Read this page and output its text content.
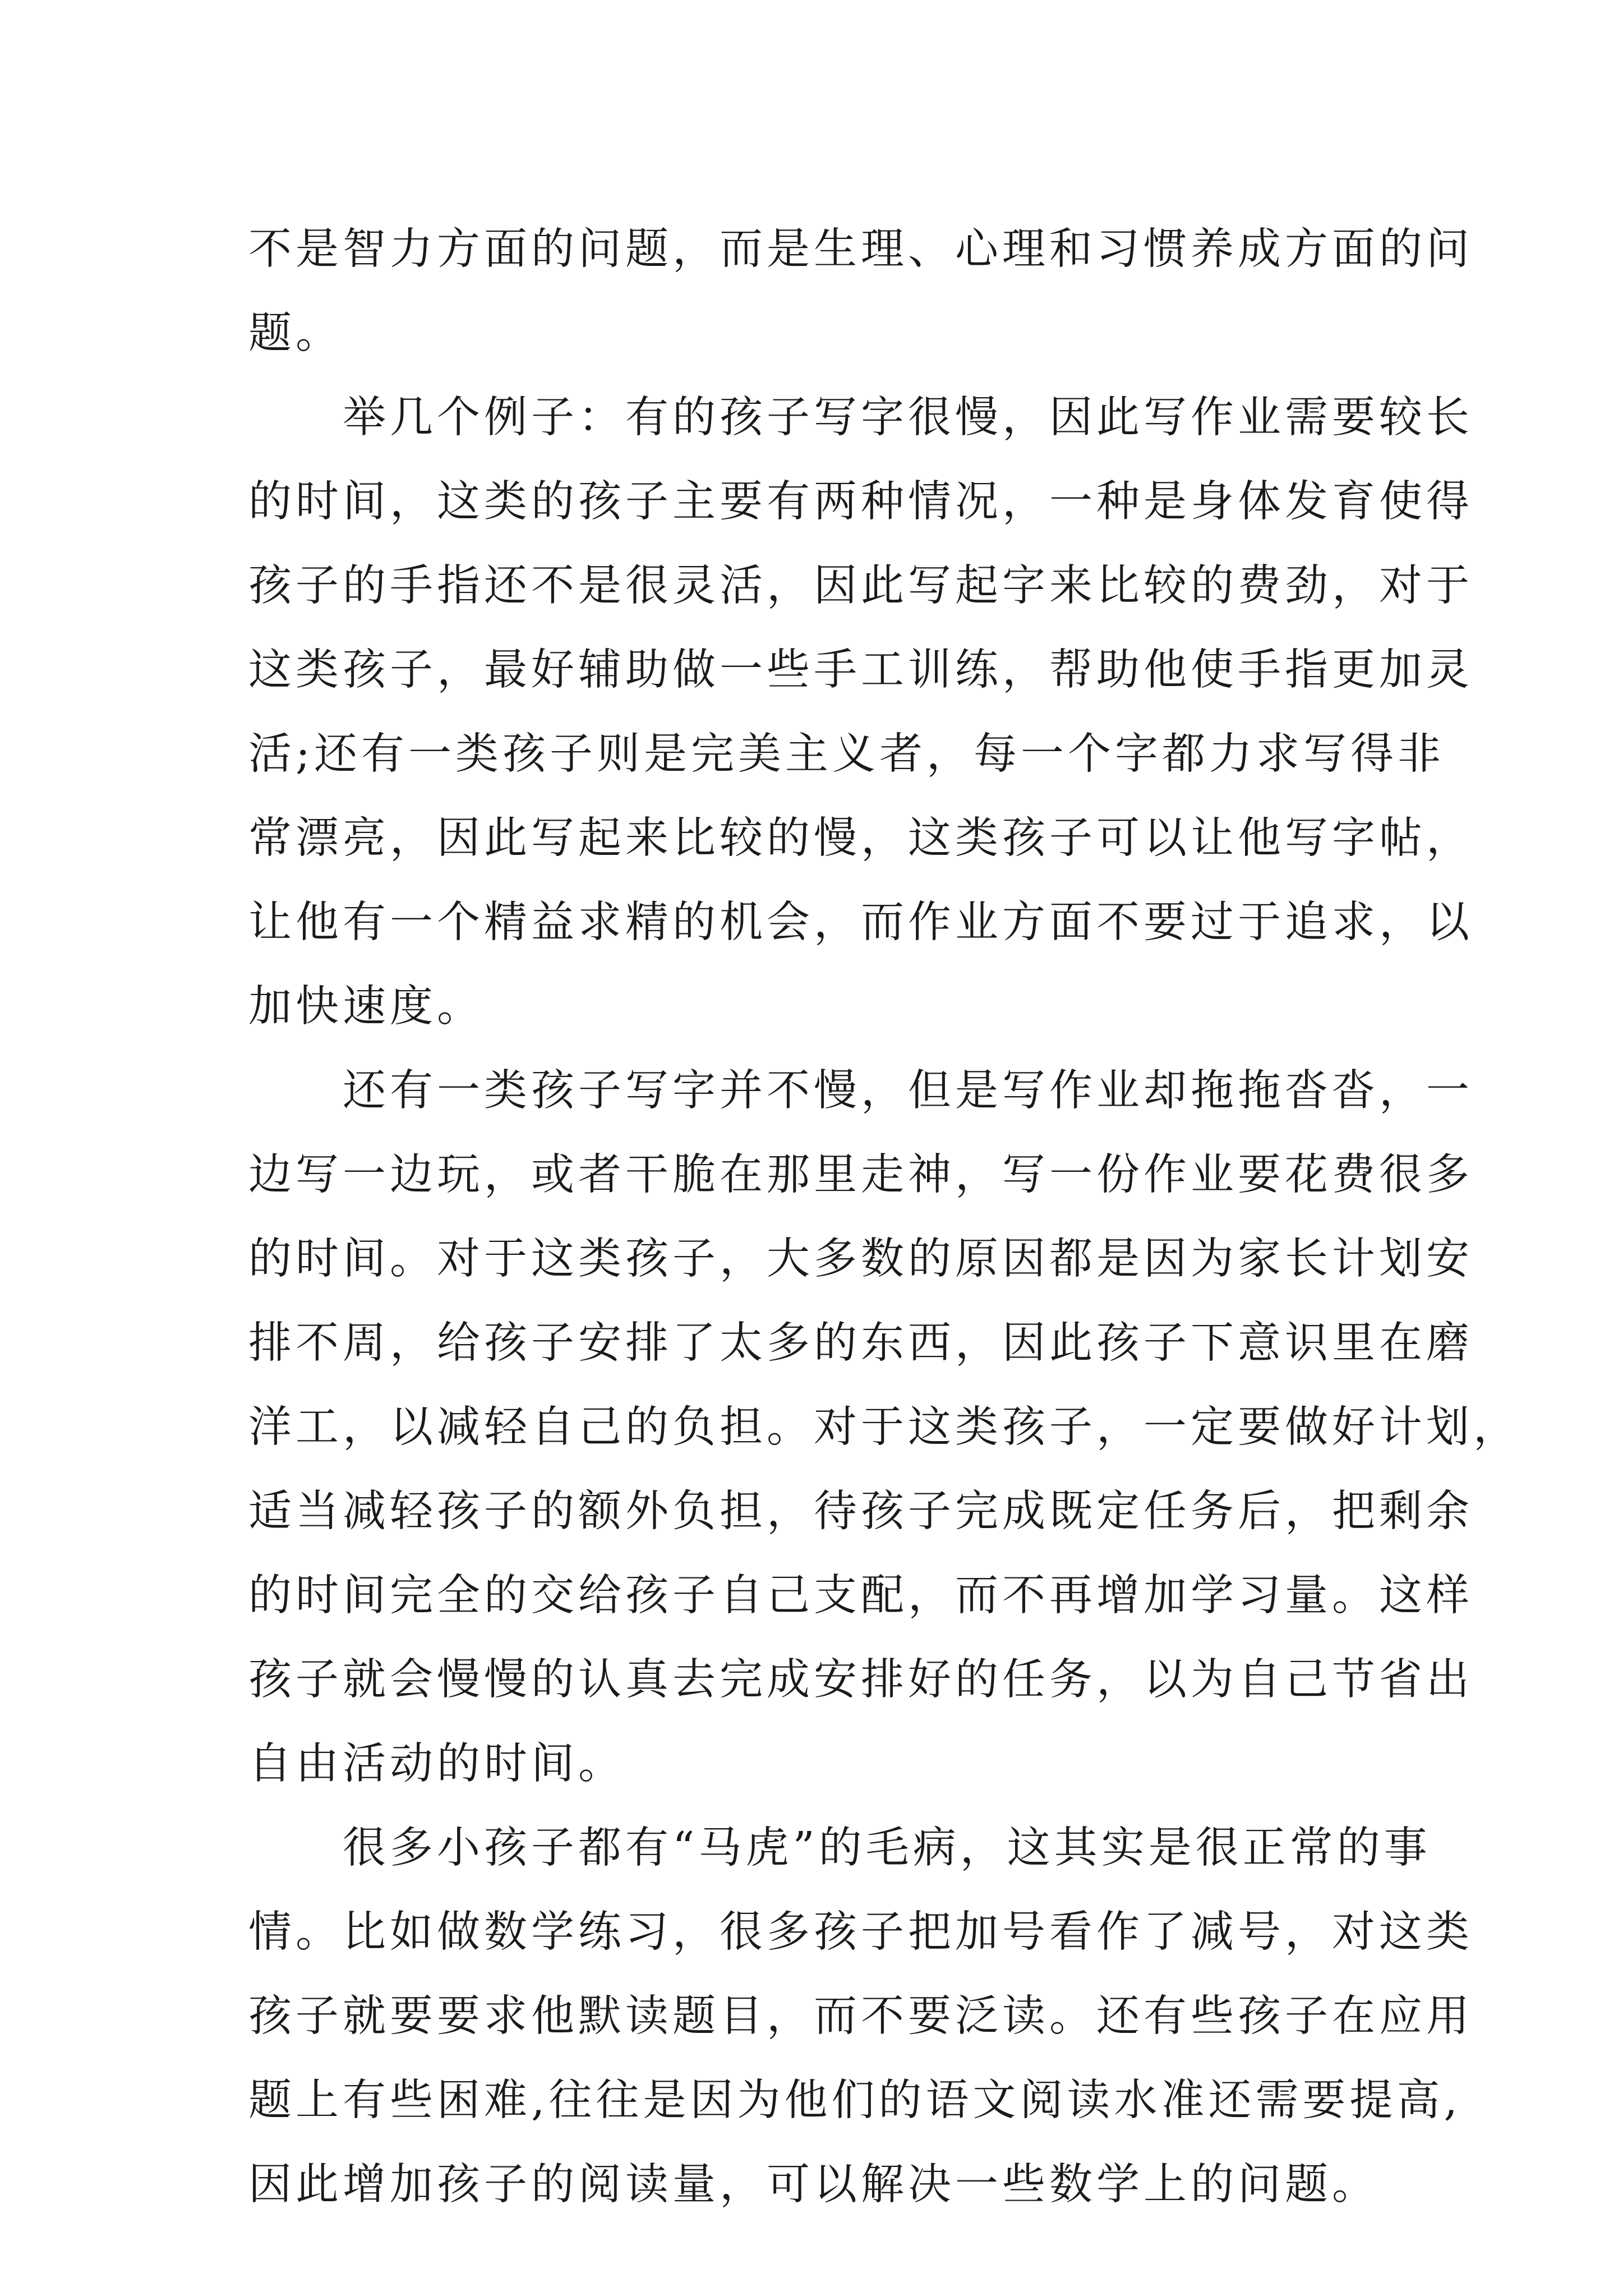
不是智力方面的问题，而是生理、心理和习惯养成方面的问
题。
举几个例子：有的孩子写字很慢，因此写作业需要较长
的时间，这类的孩子主要有两种情况，一种是身体发育使得
孩子的手指还不是很灵活，因此写起字来比较的费劲，对于
这类孩子，最好辅助做一些手工训练，帮助他使手指更加灵
活;还有一类孩子则是完美主义者，每一个字都力求写得非
常漂亮，因此写起来比较的慢，这类孩子可以让他写字帖，
让他有一个精益求精的机会，而作业方面不要过于追求，以
加快速度。
还有一类孩子写字并不慢，但是写作业却拖拖沓沓，一
边写一边玩，或者干脆在那里走神，写一份作业要花费很多
的时间。对于这类孩子，大多数的原因都是因为家长计划安
排不周，给孩子安排了太多的东西，因此孩子下意识里在磨
洋工，以减轻自己的负担。对于这类孩子，一定要做好计划，
适当减轻孩子的额外负担，待孩子完成既定任务后，把剩余
的时间完全的交给孩子自己支配，而不再增加学习量。这样
孩子就会慢慢的认真去完成安排好的任务，以为自己节省出
自由活动的时间。
很多小孩子都有“马虎”的毛病，这其实是很正常的事
情。比如做数学练习，很多孩子把加号看作了减号，对这类
孩子就要要求他默读题目，而不要泛读。还有些孩子在应用
题上有些困难,往往是因为他们的语文阅读水准还需要提高,
因此增加孩子的阅读量，可以解决一些数学上的问题。
